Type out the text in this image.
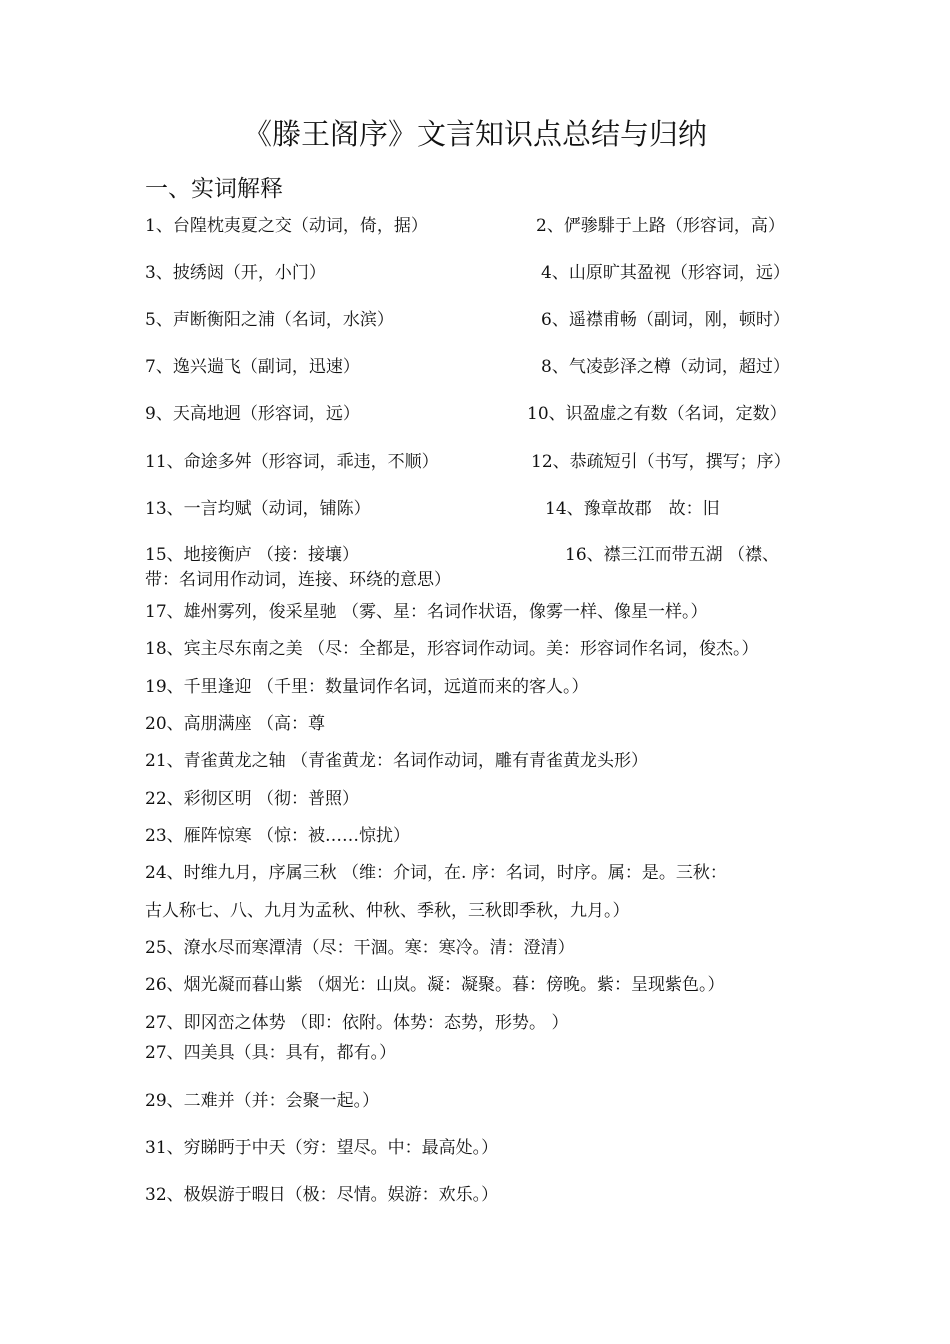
《滕王阁序》文言知识点总结与归纳
一、实词解释
1、台隍枕夷夏之交（动词，倚，据）	2、俨骖騑于上路（形容词，高）
3、披绣闼（开，小门）	4、山原旷其盈视（形容词，远）
5、声断衡阳之浦（名词，水滨）	6、遥襟甫畅（副词，刚，顿时）
7、逸兴遄飞（副词，迅速）	8、气凌彭泽之樽（动词，超过）
9、天高地迥（形容词，远）	10、识盈虚之有数（名词，定数）
11、命途多舛（形容词，乖违，不顺）	12、恭疏短引（书写，撰写；序）
13、一言均赋（动词，铺陈）	14、豫章故郡　故：旧
15、地接衡庐 （接：接壤）	16、襟三江而带五湖 （襟、
带：名词用作动词，连接、环绕的意思）
17、雄州雾列，俊采星驰 （雾、星：名词作状语，像雾一样、像星一样。）
18、宾主尽东南之美 （尽：全都是，形容词作动词。美：形容词作名词，俊杰。）
19、千里逢迎 （千里：数量词作名词，远道而来的客人。）
20、高朋满座 （高：尊
21、青雀黄龙之轴 （青雀黄龙：名词作动词，雕有青雀黄龙头形）
22、彩彻区明 （彻：普照）
23、雁阵惊寒 （惊：被……惊扰）
24、时维九月，序属三秋 （维：介词，在. 序：名词，时序。属：是。三秋：
古人称七、八、九月为孟秋、仲秋、季秋，三秋即季秋，九月。）
25、潦水尽而寒潭清（尽：干涸。寒：寒冷。清：澄清）
26、烟光凝而暮山紫 （烟光：山岚。凝：凝聚。暮：傍晚。紫：呈现紫色。）
27、即冈峦之体势 （即：依附。体势：态势，形势。 ）
27、四美具（具：具有，都有。）
29、二难并（并：会聚一起。）
31、穷睇眄于中天（穷：望尽。中：最高处。）
32、极娱游于暇日（极：尽情。娱游：欢乐。）
